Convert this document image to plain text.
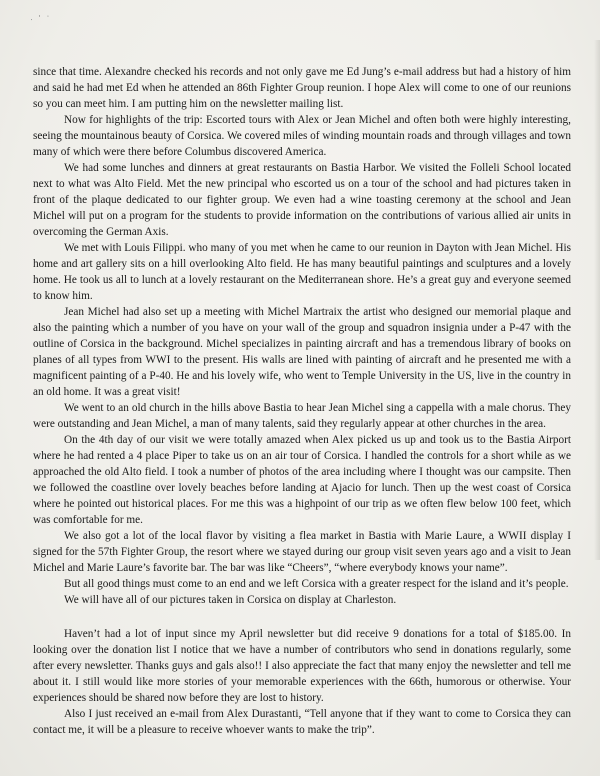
· ’ ·

since that time. Alexandre checked his records and not only gave me Ed Jung’s e-mail address but had a history of him and said he had met Ed when he attended an 86th Fighter Group reunion. I hope Alex will come to one of our reunions so you can meet him. I am putting him on the newsletter mailing list.

Now for highlights of the trip: Escorted tours with Alex or Jean Michel and often both were highly interesting, seeing the mountainous beauty of Corsica. We covered miles of winding mountain roads and through villages and town many of which were there before Columbus discovered America.

We had some lunches and dinners at great restaurants on Bastia Harbor. We visited the Folleli School located next to what was Alto Field. Met the new principal who escorted us on a tour of the school and had pictures taken in front of the plaque dedicated to our fighter group. We even had a wine toasting ceremony at the school and Jean Michel will put on a program for the students to provide information on the contributions of various allied air units in overcoming the German Axis.

We met with Louis Filippi. who many of you met when he came to our reunion in Dayton with Jean Michel. His home and art gallery sits on a hill overlooking Alto field. He has many beautiful paintings and sculptures and a lovely home. He took us all to lunch at a lovely restaurant on the Mediterranean shore. He’s a great guy and everyone seemed to know him.

Jean Michel had also set up a meeting with Michel Martraix the artist who designed our memorial plaque and also the painting which a number of you have on your wall of the group and squadron insignia under a P-47 with the outline of Corsica in the background. Michel specializes in painting aircraft and has a tremendous library of books on planes of all types from WWI to the present. His walls are lined with painting of aircraft and he presented me with a magnificent painting of a P-40. He and his lovely wife, who went to Temple University in the US, live in the country in an old home. It was a great visit!

We went to an old church in the hills above Bastia to hear Jean Michel sing a cappella with a male chorus. They were outstanding and Jean Michel, a man of many talents, said they regularly appear at other churches in the area.

On the 4th day of our visit we were totally amazed when Alex picked us up and took us to the Bastia Airport where he had rented a 4 place Piper to take us on an air tour of Corsica. I handled the controls for a short while as we approached the old Alto field. I took a number of photos of the area including where I thought was our campsite. Then we followed the coastline over lovely beaches before landing at Ajacio for lunch. Then up the west coast of Corsica where he pointed out historical places. For me this was a highpoint of our trip as we often flew below 100 feet, which was comfortable for me.

We also got a lot of the local flavor by visiting a flea market in Bastia with Marie Laure, a WWII display I signed for the 57th Fighter Group, the resort where we stayed during our group visit seven years ago and a visit to Jean Michel and Marie Laure’s favorite bar. The bar was like “Cheers”, “where everybody knows your name”.

But all good things must come to an end and we left Corsica with a greater respect for the island and it’s people.

We will have all of our pictures taken in Corsica on display at Charleston.

Haven’t had a lot of input since my April newsletter but did receive 9 donations for a total of $185.00. In looking over the donation list I notice that we have a number of contributors who send in donations regularly, some after every newsletter. Thanks guys and gals also!! I also appreciate the fact that many enjoy the newsletter and tell me about it. I still would like more stories of your memorable experiences with the 66th, humorous or otherwise. Your experiences should be shared now before they are lost to history.

Also I just received an e-mail from Alex Durastanti, “Tell anyone that if they want to come to Corsica they can contact me, it will be a pleasure to receive whoever wants to make the trip”.
